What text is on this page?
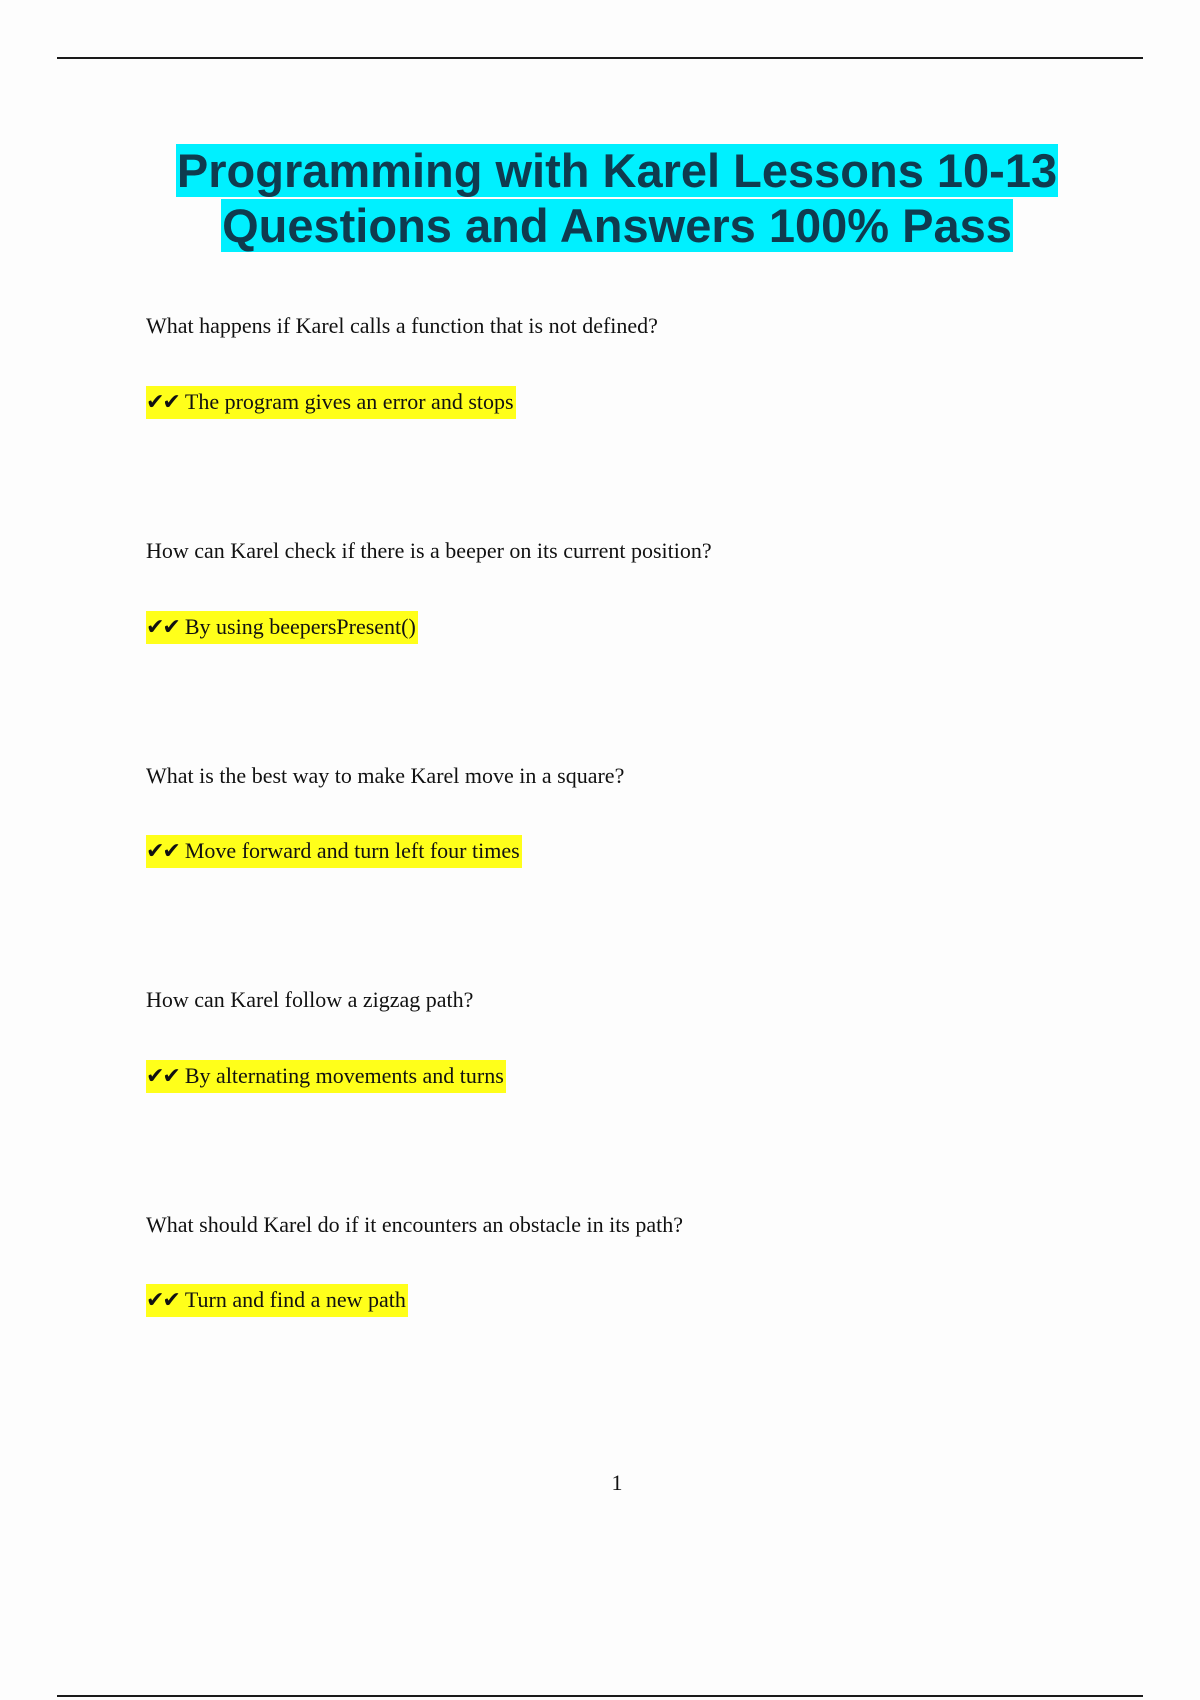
Programming with Karel Lessons 10-13
Questions and Answers 100% Pass
What happens if Karel calls a function that is not defined?
✔✔ The program gives an error and stops
How can Karel check if there is a beeper on its current position?
✔✔ By using beepersPresent()
What is the best way to make Karel move in a square?
✔✔ Move forward and turn left four times
How can Karel follow a zigzag path?
✔✔ By alternating movements and turns
What should Karel do if it encounters an obstacle in its path?
✔✔ Turn and find a new path
1
